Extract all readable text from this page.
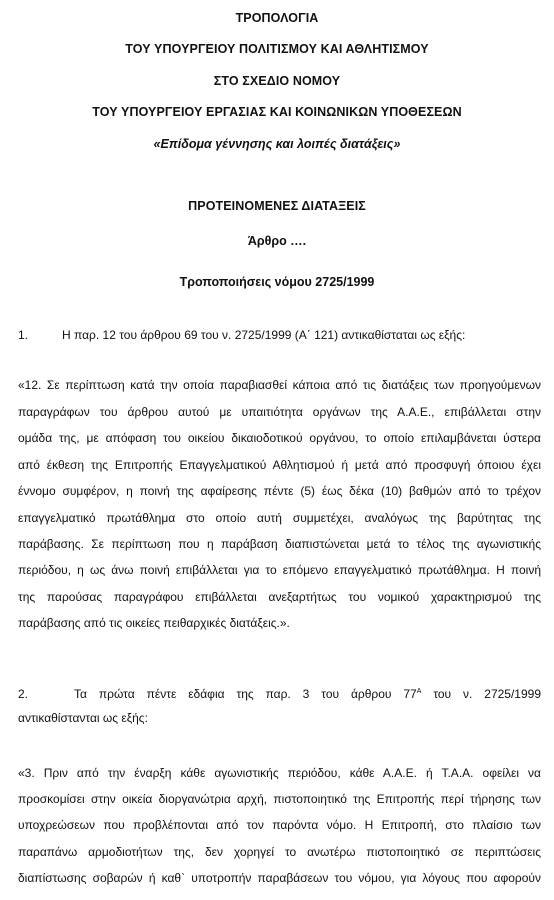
ΤΡΟΠΟΛΟΓΙΑ
ΤΟΥ ΥΠΟΥΡΓΕΙΟΥ ΠΟΛΙΤΙΣΜΟΥ ΚΑΙ ΑΘΛΗΤΙΣΜΟΥ
ΣΤΟ ΣΧΕΔΙΟ ΝΟΜΟΥ
ΤΟΥ ΥΠΟΥΡΓΕΙΟΥ ΕΡΓΑΣΙΑΣ ΚΑΙ ΚΟΙΝΩΝΙΚΩΝ ΥΠΟΘΕΣΕΩΝ
«Επίδομα γέννησης και λοιπές διατάξεις»
ΠΡΟΤΕΙΝΟΜΕΝΕΣ ΔΙΑΤΑΞΕΙΣ
Άρθρο ….
Τροποποιήσεις νόμου 2725/1999
1.	Η παρ. 12 του άρθρου 69 του ν. 2725/1999 (Α΄ 121) αντικαθίσταται ως εξής:
«12. Σε περίπτωση κατά την οποία παραβιασθεί κάποια από τις διατάξεις των προηγούμενων
παραγράφων του άρθρου αυτού με υπαιτιότητα οργάνων της Α.Α.Ε., επιβάλλεται στην
ομάδα της, με απόφαση του οικείου δικαιοδοτικού οργάνου, το οποίο επιλαμβάνεται ύστερα
από έκθεση της Επιτροπής Επαγγελματικού Αθλητισμού ή μετά από προσφυγή όποιου έχει
έννομο συμφέρον, η ποινή της αφαίρεσης πέντε (5) έως δέκα (10) βαθμών από το τρέχον
επαγγελματικό πρωτάθλημα στο οποίο αυτή συμμετέχει, αναλόγως της βαρύτητας της
παράβασης. Σε περίπτωση που η παράβαση διαπιστώνεται μετά το τέλος της αγωνιστικής
περιόδου, η ως άνω ποινή επιβάλλεται για το επόμενο επαγγελματικό πρωτάθλημα. Η ποινή
της παρούσας παραγράφου επιβάλλεται ανεξαρτήτως του νομικού χαρακτηρισμού της
παράβασης από τις οικείες πειθαρχικές διατάξεις.».
2.	Τα πρώτα πέντε εδάφια της παρ. 3 του άρθρου $77^A$ του ν. 2725/1999
αντικαθίστανται ως εξής:
«3. Πριν από την έναρξη κάθε αγωνιστικής περιόδου, κάθε Α.Α.Ε. ή Τ.Α.Α. οφείλει να
προσκομίσει στην οικεία διοργανώτρια αρχή, πιστοποιητικό της Επιτροπής περί τήρησης των
υποχρεώσεων που προβλέπονται από τον παρόντα νόμο. Η Επιτροπή, στο πλαίσιο των
παραπάνω αρμοδιοτήτων της, δεν χορηγεί το ανωτέρω πιστοποιητικό σε περιπτώσεις
διαπίστωσης σοβαρών ή καθ` υποτροπήν παραβάσεων του νόμου, για λόγους που αφορούν
